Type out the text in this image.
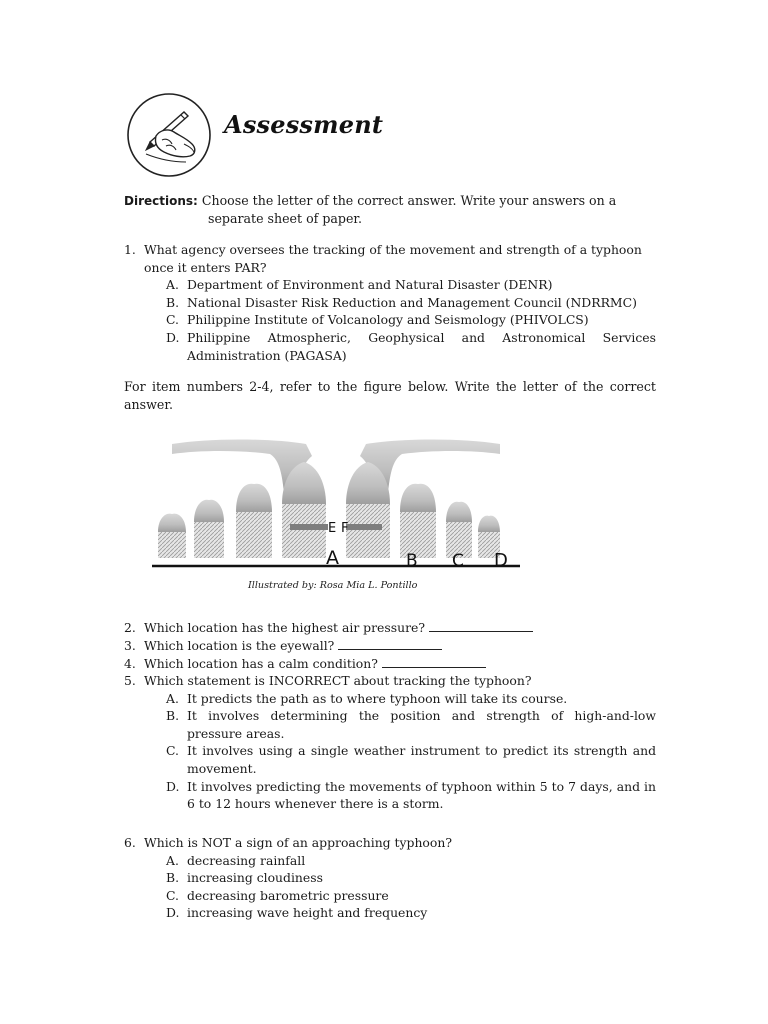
Assessment
Directions: Choose the letter of the correct answer. Write your answers on a
separate sheet of paper.
1. What agency oversees the tracking of the movement and strength of a typhoon
once it enters PAR?
A. Department of Environment and Natural Disaster (DENR)
B. National Disaster Risk Reduction and Management Council (NDRRMC)
C. Philippine Institute of Volcanology and Seismology (PHIVOLCS)
D. Philippine Atmospheric, Geophysical and Astronomical Services Administration (PAGASA)
For item numbers 2-4, refer to the figure below. Write the letter of the correct answer.
E F
A	B C D
Illustrated by: Rosa Mia L. Pontillo
2. Which location has the highest air pressure?
3. Which location is the eyewall?
4. Which location has a calm condition?
5. Which statement is INCORRECT about tracking the typhoon?
A. It predicts the path as to where typhoon will take its course.
B. It involves determining the position and strength of high-and-low pressure areas.
C. It involves using a single weather instrument to predict its strength and movement.
D. It involves predicting the movements of typhoon within 5 to 7 days, and in 6 to 12 hours whenever there is a storm.
6. Which is NOT a sign of an approaching typhoon?
A. decreasing rainfall
B. increasing cloudiness
C. decreasing barometric pressure
D. increasing wave height and frequency
